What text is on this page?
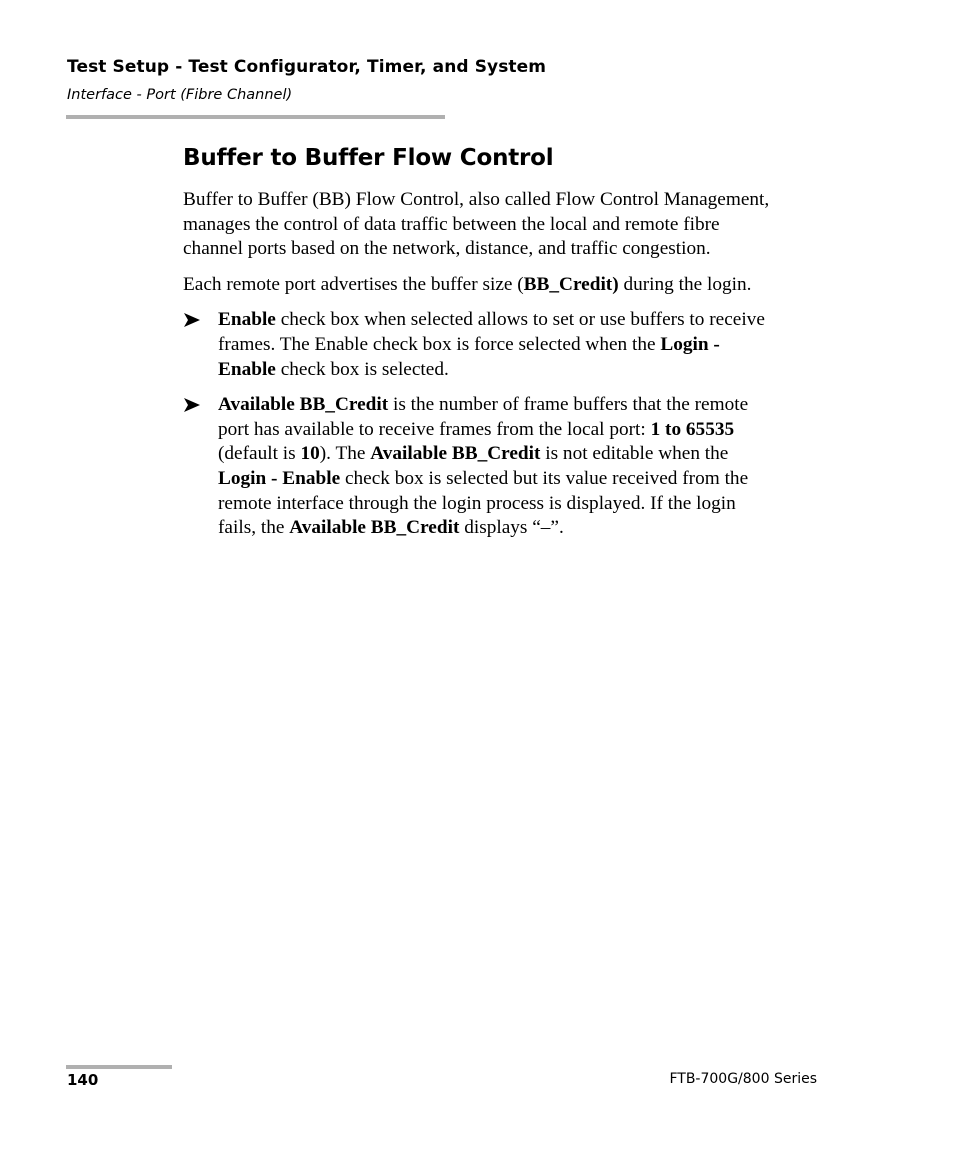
Test Setup - Test Configurator, Timer, and System
Interface - Port (Fibre Channel)
Buffer to Buffer Flow Control

Buffer to Buffer (BB) Flow Control, also called Flow Control Management,
manages the control of data traffic between the local and remote fibre
channel ports based on the network, distance, and traffic congestion.

Each remote port advertises the buffer size (BB_Credit) during the login.

Enable check box when selected allows to set or use buffers to receive
frames. The Enable check box is force selected when the Login -
Enable check box is selected.
Available BB_Credit is the number of frame buffers that the remote
port has available to receive frames from the local port: 1 to 65535
(default is 10). The Available BB_Credit is not editable when the
Login - Enable check box is selected but its value received from the
remote interface through the login process is displayed. If the login
fails, the Available BB_Credit displays “–”.
140	FTB-700G/800 Series
